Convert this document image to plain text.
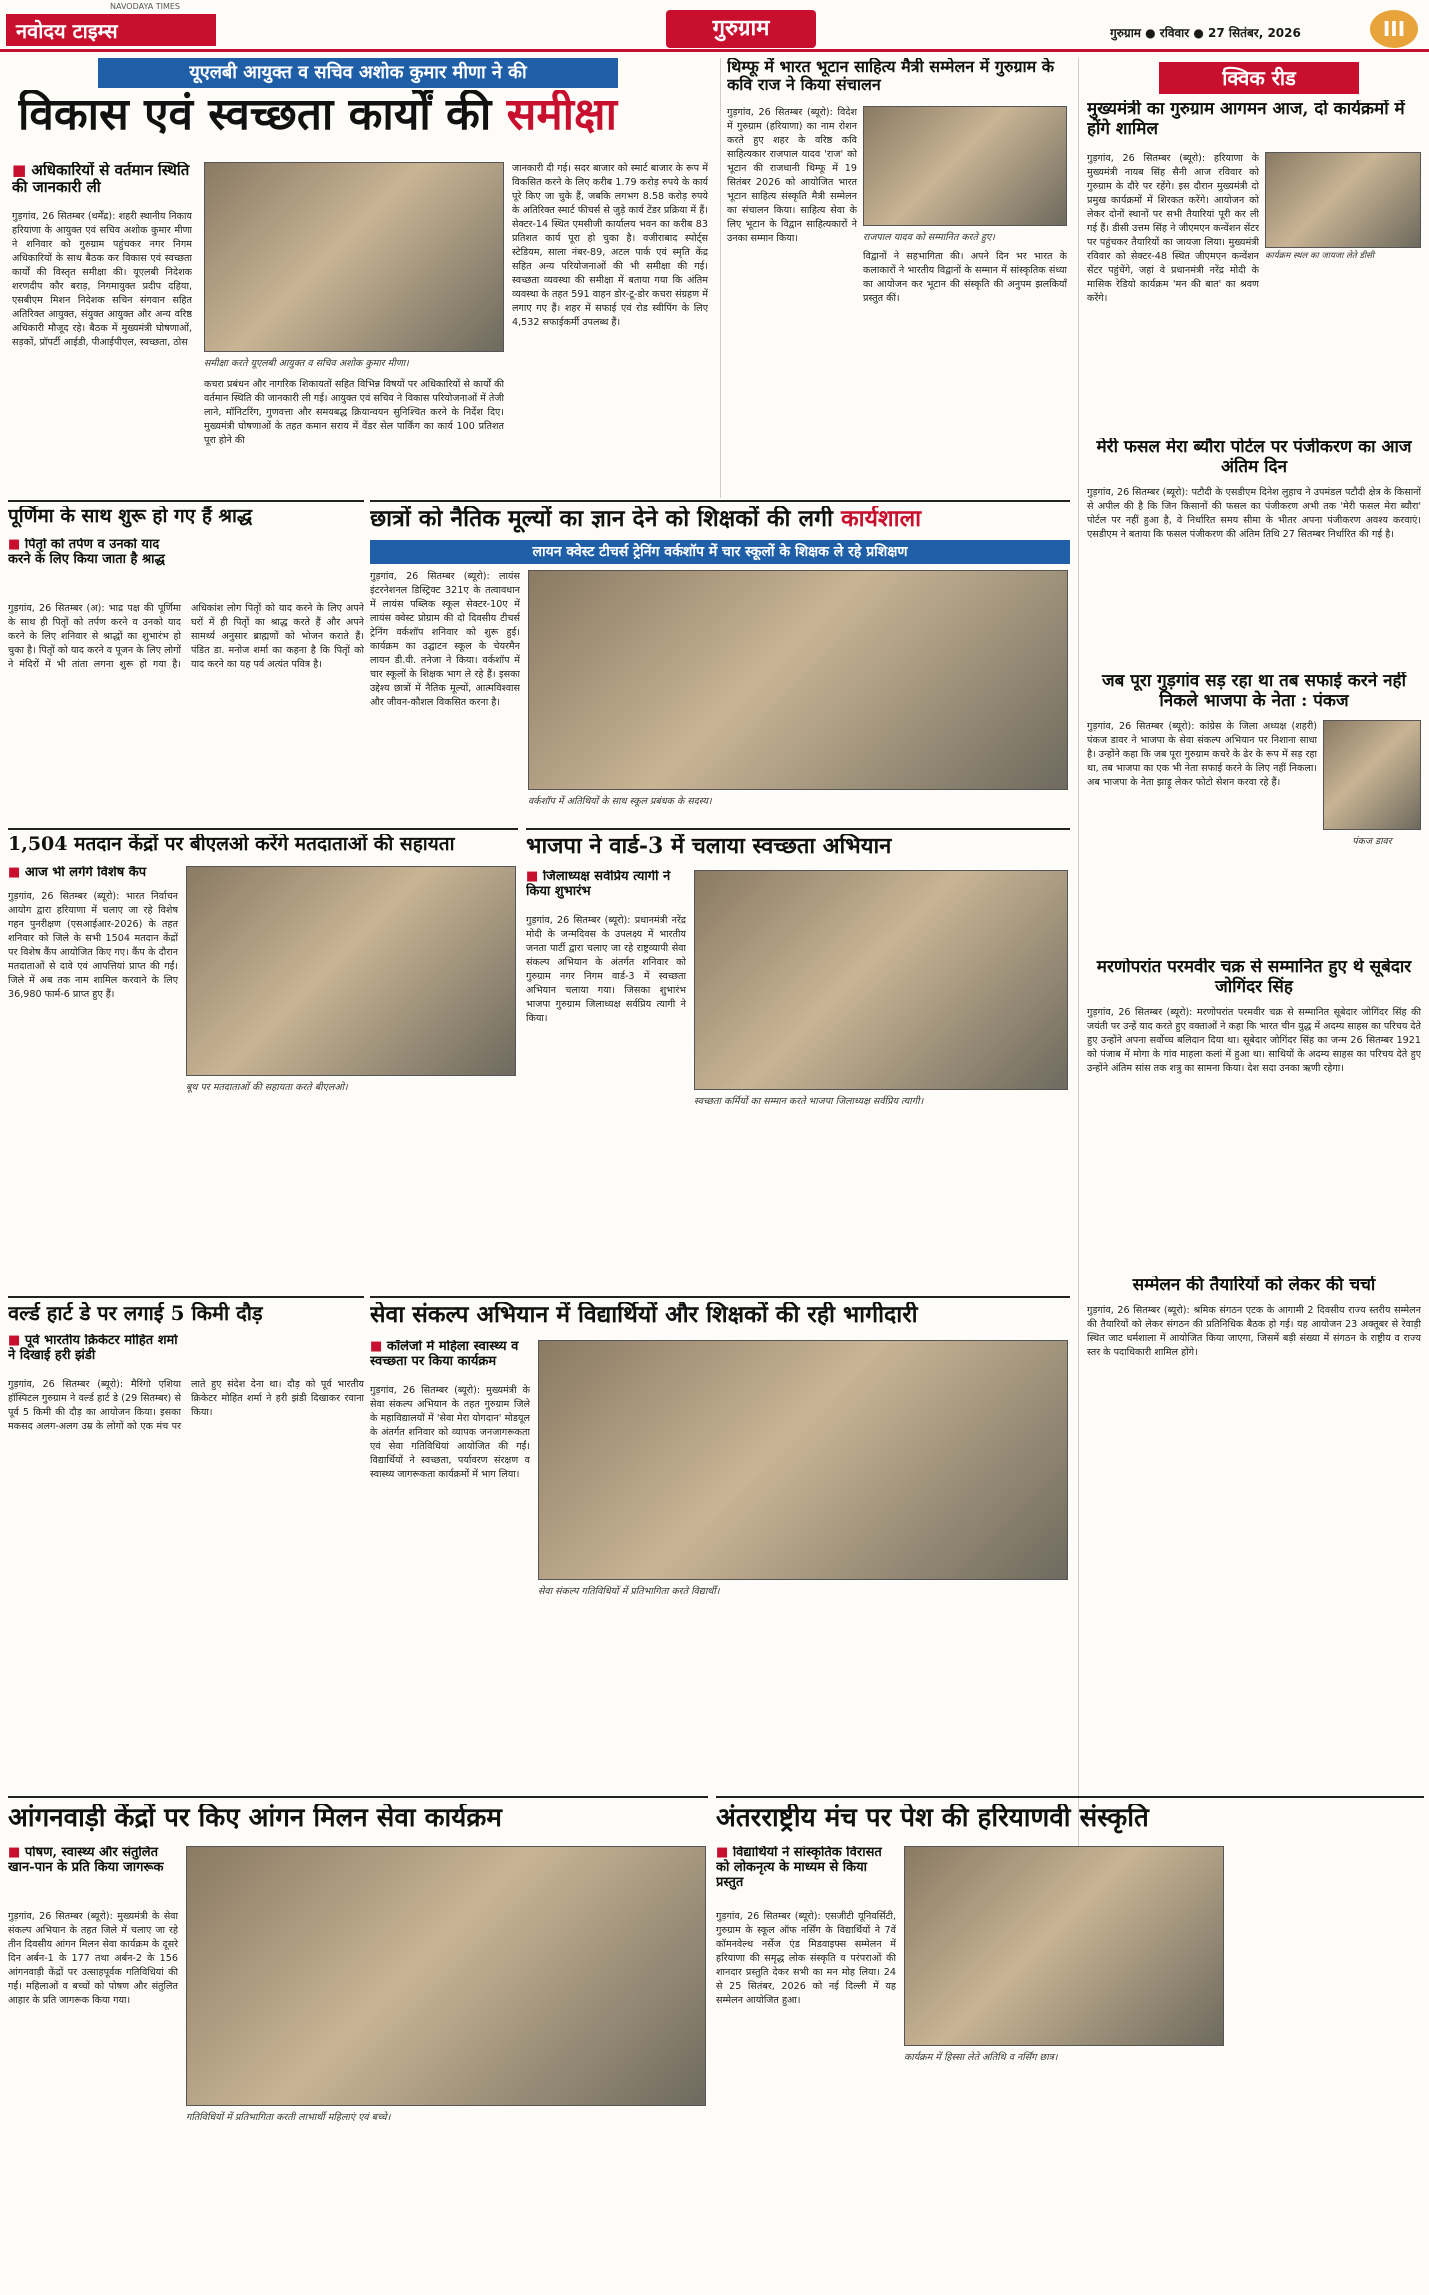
नवोदय टाइम्स
NAVODAYA TIMES
गुरुग्राम	गुरुग्राम ● रविवार ● 27 सितंबर, 2026	III
यूएलबी आयुक्त व सचिव अशोक कुमार मीणा ने की
विकास एवं स्वच्छता कार्यों की समीक्षा
■ अधिकारियों से वर्तमान स्थिति की जानकारी ली
गुड़गांव, 26 सितम्बर (धर्मेंद्र): शहरी स्थानीय निकाय हरियाणा के आयुक्त एवं सचिव अशोक कुमार मीणा ने शनिवार को गुरुग्राम पहुंचकर नगर निगम अधिकारियों के साथ बैठक कर विकास एवं स्वच्छता कार्यों की विस्तृत समीक्षा की। यूएलबी निदेशक शरणदीप कौर बराड़, निगमायुक्त प्रदीप दहिया, एसबीएम मिशन निदेशक सचिन संगवान सहित अतिरिक्त आयुक्त, संयुक्त आयुक्त और अन्य वरिष्ठ अधिकारी मौजूद रहे। बैठक में मुख्यमंत्री घोषणाओं, सड़कों, प्रॉपर्टी आईडी, पीआईपीएल, स्वच्छता, ठोस
समीक्षा करते यूएलबी आयुक्त व सचिव अशोक कुमार मीणा।
जानकारी दी गई। सदर बाजार को स्मार्ट बाजार के रूप में विकसित करने के लिए करीब 1.79 करोड़ रुपये के कार्य पूरे किए जा चुके हैं, जबकि लगभग 8.58 करोड़ रुपये के अतिरिक्त स्मार्ट फीचर्स से जुड़े कार्य टेंडर प्रक्रिया में हैं। सेक्टर-14 स्थित एमसीजी कार्यालय भवन का करीब 83 प्रतिशत कार्य पूरा हो चुका है। वजीराबाद स्पोर्ट्स स्टेडियम, साला नंबर-89, अटल पार्क एवं स्मृति केंद्र सहित अन्य परियोजनाओं की भी समीक्षा की गई। स्वच्छता व्यवस्था की समीक्षा में बताया गया कि अंतिम व्यवस्था के तहत 591 वाहन डोर-टू-डोर कचरा संग्रहण में लगाए गए हैं। शहर में सफाई एवं रोड स्वीपिंग के लिए 4,532 सफाईकर्मी उपलब्ध हैं।
कचरा प्रबंधन और नागरिक शिकायतों सहित विभिन्न विषयों पर अधिकारियों से कार्यों की वर्तमान स्थिति की जानकारी ली गई। आयुक्त एवं सचिव ने विकास परियोजनाओं में तेजी लाने, मॉनिटरिंग, गुणवत्ता और समयबद्ध क्रियान्वयन सुनिश्चित करने के निर्देश दिए। मुख्यमंत्री घोषणाओं के तहत कमान सराय में वेंडर सेल पार्किंग का कार्य 100 प्रतिशत पूरा होने की
थिम्फू में भारत भूटान साहित्य मैत्री सम्मेलन में गुरुग्राम के कवि राज ने किया संचालन
गुड़गांव, 26 सितम्बर (ब्यूरो): विदेश में गुरुग्राम (हरियाणा) का नाम रोशन करते हुए शहर के वरिष्ठ कवि साहित्यकार राजपाल यादव 'राज' को भूटान की राजधानी थिम्फू में 19 सितंबर 2026 को आयोजित भारत भूटान साहित्य संस्कृति मैत्री सम्मेलन का संचालन किया। साहित्य सेवा के लिए भूटान के विद्वान साहित्यकारों ने उनका सम्मान किया।	राजपाल यादव को सम्मानित करते हुए।
विद्वानों ने सहभागिता की। अपने दिन भर भारत के कलाकारों ने भारतीय विद्वानों के सम्मान में सांस्कृतिक संध्या का आयोजन कर भूटान की संस्कृति की अनुपम झलकियाँ प्रस्तुत कीं।
क्विक रीड
मुख्यमंत्री का गुरुग्राम आगमन आज, दो कार्यक्रमों में होंगे शामिल
कार्यक्रम स्थल का जायजा लेते डीसी
गुड़गांव, 26 सितम्बर (ब्यूरो): हरियाणा के मुख्यमंत्री नायब सिंह सैनी आज रविवार को गुरुग्राम के दौरे पर रहेंगे। इस दौरान मुख्यमंत्री दो प्रमुख कार्यक्रमों में शिरकत करेंगे। आयोजन को लेकर दोनों स्थानों पर सभी तैयारियां पूरी कर ली गई हैं। डीसी उत्तम सिंह ने जीएमएन कन्वेंशन सेंटर पर पहुंचकर तैयारियों का जायजा लिया। मुख्यमंत्री रविवार को सेक्टर-48 स्थित जीएमएन कन्वेंशन सेंटर पहुंचेंगे, जहां वे प्रधानमंत्री नरेंद्र मोदी के मासिक रेडियो कार्यक्रम 'मन की बात' का श्रवण करेंगे।
मेरी फसल मेरा ब्यौरा पोर्टल पर पंजीकरण का आज अंतिम दिन
गुड़गांव, 26 सितम्बर (ब्यूरो): पटौदी के एसडीएम दिनेश लुहाच ने उपमंडल पटौदी क्षेत्र के किसानों से अपील की है कि जिन किसानों की फसल का पंजीकरण अभी तक 'मेरी फसल मेरा ब्यौरा' पोर्टल पर नहीं हुआ है, वे निर्धारित समय सीमा के भीतर अपना पंजीकरण अवश्य करवाएं। एसडीएम ने बताया कि फसल पंजीकरण की अंतिम तिथि 27 सितम्बर निर्धारित की गई है।
जब पूरा गुड़गांव सड़ रहा था तब सफाई करने नहीं निकले भाजपा के नेता : पंकज
गुड़गांव, 26 सितम्बर (ब्यूरो): कांग्रेस के जिला अध्यक्ष (शहरी) पंकज डावर ने भाजपा के सेवा संकल्प अभियान पर निशाना साधा है। उन्होंने कहा कि जब पूरा गुरुग्राम कचरे के ढेर के रूप में सड़ रहा था, तब भाजपा का एक भी नेता सफाई करने के लिए नहीं निकला। अब भाजपा के नेता झाड़ू लेकर फोटो सेशन करवा रहे हैं।
पंकज डावर
मरणोपरांत परमवीर चक्र से सम्मानित हुए थे सूबेदार जोगिंदर सिंह
गुड़गांव, 26 सितम्बर (ब्यूरो): मरणोपरांत परमवीर चक्र से सम्मानित सूबेदार जोगिंदर सिंह की जयंती पर उन्हें याद करते हुए वक्ताओं ने कहा कि भारत चीन युद्ध में अदम्य साहस का परिचय देते हुए उन्होंने अपना सर्वोच्च बलिदान दिया था। सूबेदार जोगिंदर सिंह का जन्म 26 सितम्बर 1921 को पंजाब में मोगा के गांव माहला कलां में हुआ था। साथियों के अदम्य साहस का परिचय देते हुए उन्होंने अंतिम सांस तक शत्रु का सामना किया। देश सदा उनका ऋणी रहेगा।
सम्मेलन की तैयारियों को लेकर की चर्चा
गुड़गांव, 26 सितम्बर (ब्यूरो): श्रमिक संगठन एटक के आगामी 2 दिवसीय राज्य स्तरीय सम्मेलन की तैयारियों को लेकर संगठन की प्रतिनिधिक बैठक हो गई। यह आयोजन 23 अक्तूबर से रेवाड़ी स्थित जाट धर्मशाला में आयोजित किया जाएगा, जिसमें बड़ी संख्या में संगठन के राष्ट्रीय व राज्य स्तर के पदाधिकारी शामिल होंगे।
छात्रों को नैतिक मूल्यों का ज्ञान देने को शिक्षकों की लगी कार्यशाला
लायन क्वेस्ट टीचर्स ट्रेनिंग वर्कशॉप में चार स्कूलों के शिक्षक ले रहे प्रशिक्षण
गुड़गांव, 26 सितम्बर (ब्यूरो): लायंस इंटरनेशनल डिस्ट्रिक्ट 321ए के तत्वावधान में लायंस पब्लिक स्कूल सेक्टर-10ए में लायंस क्वेस्ट प्रोग्राम की दो दिवसीय टीचर्स ट्रेनिंग वर्कशॉप शनिवार को शुरू हुई। कार्यक्रम का उद्घाटन स्कूल के चेयरमैन लायन डी.वी. तनेजा ने किया। वर्कशॉप में चार स्कूलों के शिक्षक भाग ले रहे हैं। इसका उद्देश्य छात्रों में नैतिक मूल्यों, आत्मविश्वास और जीवन-कौशल विकसित करना है।
वर्कशॉप में अतिथियों के साथ स्कूल प्रबंधक के सदस्य।
पूर्णिमा के साथ शुरू हो गए हैं श्राद्ध
■ पितृों को तर्पण व उनको याद करने के लिए किया जाता है श्राद्ध
गुड़गांव, 26 सितम्बर (अ): भाद्र पक्ष की पूर्णिमा के साथ ही पितृों को तर्पण करने व उनको याद करने के लिए शनिवार से श्राद्धों का शुभारंभ हो चुका है। पितृों को याद करने व पूजन के लिए लोगों ने मंदिरों में भी तांता लगना शुरू हो गया है। अधिकांश लोग पितृों को याद करने के लिए अपने घरों में ही पितृों का श्राद्ध करते हैं और अपने सामर्थ्य अनुसार ब्राह्मणों को भोजन कराते हैं। पंडित डा. मनोज शर्मा का कहना है कि पितृों को याद करने का यह पर्व अत्यंत पवित्र है।
1,504 मतदान केंद्रों पर बीएलओ करेंगे मतदाताओं की सहायता
■ आज भी लगेंगे विशेष कैंप
गुड़गांव, 26 सितम्बर (ब्यूरो): भारत निर्वाचन आयोग द्वारा हरियाणा में चलाए जा रहे विशेष गहन पुनरीक्षण (एसआईआर-2026) के तहत शनिवार को जिले के सभी 1504 मतदान केंद्रों पर विशेष कैंप आयोजित किए गए। कैंप के दौरान मतदाताओं से दावे एवं आपत्तियां प्राप्त की गईं। जिले में अब तक नाम शामिल करवाने के लिए 36,980 फार्म-6 प्राप्त हुए हैं।
बूथ पर मतदाताओं की सहायता करते बीएलओ।
भाजपा ने वार्ड-3 में चलाया स्वच्छता अभियान
■ जिलाध्यक्ष सर्वप्रिय त्यागी ने किया शुभारंभ
गुड़गांव, 26 सितम्बर (ब्यूरो): प्रधानमंत्री नरेंद्र मोदी के जन्मदिवस के उपलक्ष्य में भारतीय जनता पार्टी द्वारा चलाए जा रहे राष्ट्रव्यापी सेवा संकल्प अभियान के अंतर्गत शनिवार को गुरुग्राम नगर निगम वार्ड-3 में स्वच्छता अभियान चलाया गया। जिसका शुभारंभ भाजपा गुरुग्राम जिलाध्यक्ष सर्वप्रिय त्यागी ने किया।
स्वच्छता कर्मियों का सम्मान करते भाजपा जिलाध्यक्ष सर्वप्रिय त्यागी।
वर्ल्ड हार्ट डे पर लगाई 5 किमी दौड़
■ पूर्व भारतीय क्रिकेटर मोहित शर्मा ने दिखाई हरी झंडी
गुड़गांव, 26 सितम्बर (ब्यूरो): मैरिंगो एशिया हॉस्पिटल गुरुग्राम ने वर्ल्ड हार्ट डे (29 सितम्बर) से पूर्व 5 किमी की दौड़ का आयोजन किया। इसका मकसद अलग-अलग उम्र के लोगों को एक मंच पर लाते हुए संदेश देना था। दौड़ को पूर्व भारतीय क्रिकेटर मोहित शर्मा ने हरी झंडी दिखाकर रवाना किया।
सेवा संकल्प अभियान में विद्यार्थियों और शिक्षकों की रही भागीदारी
■ कॉलेजों में महिला स्वास्थ्य व स्वच्छता पर किया कार्यक्रम
गुड़गांव, 26 सितम्बर (ब्यूरो): मुख्यमंत्री के सेवा संकल्प अभियान के तहत गुरुग्राम जिले के महाविद्यालयों में 'सेवा मेरा योगदान' मोडयूल के अंतर्गत शनिवार को व्यापक जनजागरूकता एवं सेवा गतिविधियां आयोजित की गईं। विद्यार्थियों ने स्वच्छता, पर्यावरण संरक्षण व स्वास्थ्य जागरूकता कार्यक्रमों में भाग लिया।
सेवा संकल्प गतिविधियों में प्रतिभागिता करते विद्यार्थी।
आंगनवाड़ी केंद्रों पर किए आंगन मिलन सेवा कार्यक्रम
■ पोषण, स्वास्थ्य और संतुलित खान-पान के प्रति किया जागरूक
गुड़गांव, 26 सितम्बर (ब्यूरो): मुख्यमंत्री के सेवा संकल्प अभियान के तहत जिले में चलाए जा रहे तीन दिवसीय आंगन मिलन सेवा कार्यक्रम के दूसरे दिन अर्बन-1 के 177 तथा अर्बन-2 के 156 आंगनवाड़ी केंद्रों पर उत्साहपूर्वक गतिविधियां की गईं। महिलाओं व बच्चों को पोषण और संतुलित आहार के प्रति जागरूक किया गया।
गतिविधियों में प्रतिभागिता करती लाभार्थी महिलाएं एवं बच्चे।
अंतरराष्ट्रीय मंच पर पेश की हरियाणवी संस्कृति
■ विद्यार्थियों ने सांस्कृतिक विरासत को लोकनृत्य के माध्यम से किया प्रस्तुत
गुड़गांव, 26 सितम्बर (ब्यूरो): एसजीटी यूनिवर्सिटी, गुरुग्राम के स्कूल ऑफ नर्सिंग के विद्यार्थियों ने 7वें कॉमनवेल्थ नर्सेज एंड मिडवाइफ्स सम्मेलन में हरियाणा की समृद्ध लोक संस्कृति व परंपराओं की शानदार प्रस्तुति देकर सभी का मन मोह लिया। 24 से 25 सितंबर, 2026 को नई दिल्ली में यह सम्मेलन आयोजित हुआ।
कार्यक्रम में हिस्सा लेते अतिथि व नर्सिंग छात्र।
